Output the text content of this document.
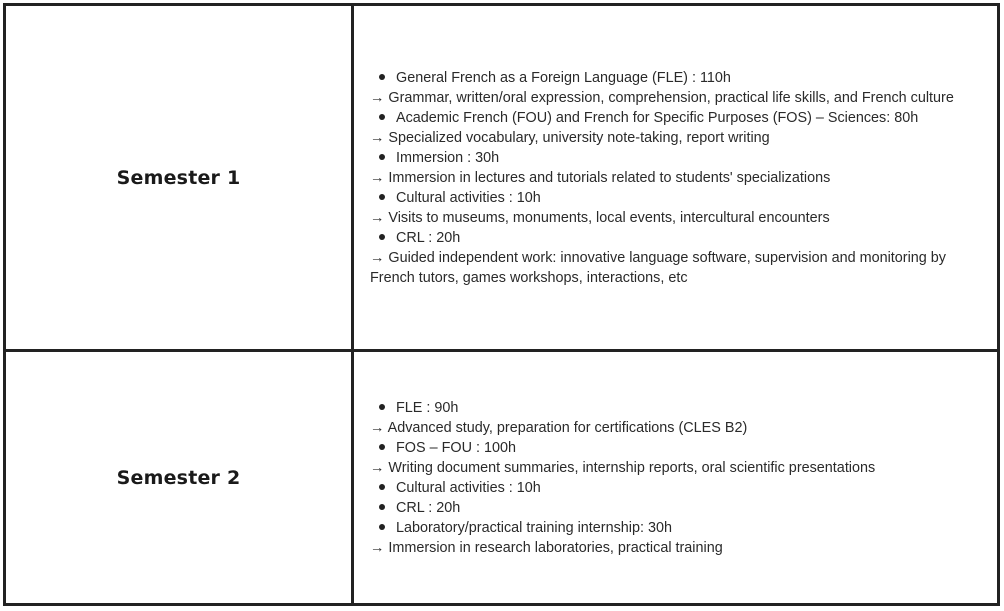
Semester 1
General French as a Foreign Language (FLE) : 110h
→ Grammar, written/oral expression, comprehension, practical life skills, and French culture
Academic French (FOU) and French for Specific Purposes (FOS) – Sciences: 80h
→ Specialized vocabulary, university note-taking, report writing
Immersion : 30h
→ Immersion in lectures and tutorials related to students' specializations
Cultural activities : 10h
→ Visits to museums, monuments, local events, intercultural encounters
CRL : 20h
→ Guided independent work: innovative language software, supervision and monitoring by French tutors, games workshops, interactions, etc
Semester 2
FLE : 90h
→ Advanced study, preparation for certifications (CLES B2)
FOS – FOU : 100h
→ Writing document summaries, internship reports, oral scientific presentations
Cultural activities : 10h
CRL : 20h
Laboratory/practical training internship: 30h
→ Immersion in research laboratories, practical training
